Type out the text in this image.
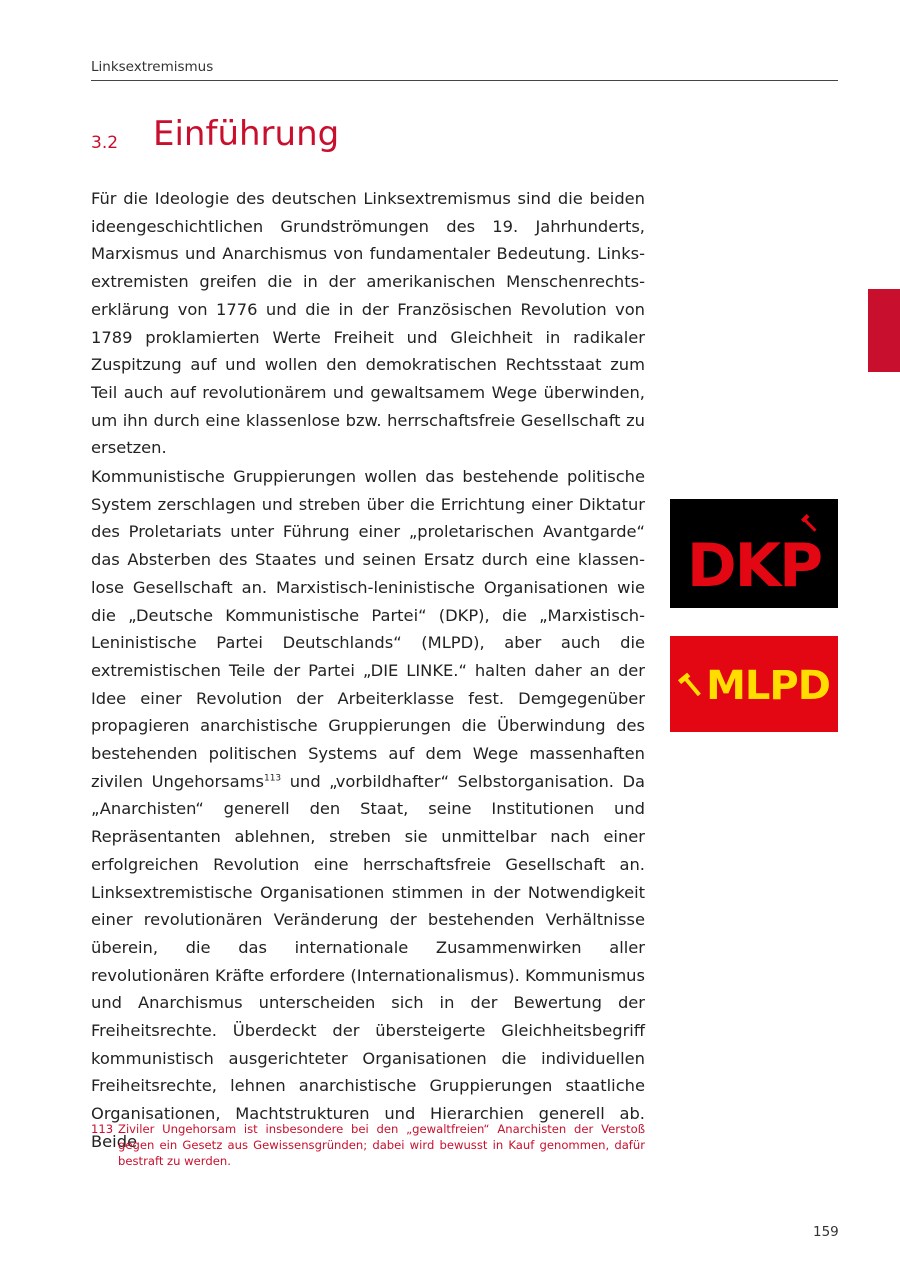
Linksextremismus
3.2 Einführung

Für die Ideologie des deutschen Linksextremismus sind die beiden ideengeschichtlichen Grundströmungen des 19. Jahrhunderts, Marxismus und Anarchismus von fundamentaler Bedeutung. Linksextremisten greifen die in der amerikanischen Menschenrechtserklärung von 1776 und die in der Französischen Revolution von 1789 proklamierten Werte Freiheit und Gleichheit in radikaler Zuspitzung auf und wollen den demokratischen Rechtsstaat zum Teil auch auf revolutionärem und gewaltsamem Wege überwinden, um ihn durch eine klassenlose bzw. herrschaftsfreie Gesellschaft zu ersetzen.

Kommunistische Gruppierungen wollen das bestehende politische System zerschlagen und streben über die Errichtung einer Diktatur des Proletariats unter Führung einer „proletarischen Avantgarde“ das Absterben des Staates und seinen Ersatz durch eine klassenlose Gesellschaft an. Marxistisch-leninistische Organisationen wie die „Deutsche Kommunistische Partei“ (DKP), die „Marxistisch-Leninistische Partei Deutschlands“ (MLPD), aber auch die extremistischen Teile der Partei „DIE LINKE.“ halten daher an der Idee einer Revolution der Arbeiterklasse fest. Demgegenüber propagieren anarchistische Gruppierungen die Überwindung des bestehenden politischen Systems auf dem Wege massenhaften zivilen Ungehorsams$^{113}$ und „vorbildhafter“ Selbstorganisation. Da „Anarchisten“ generell den Staat, seine Institutionen und Repräsentanten ablehnen, streben sie unmittelbar nach einer erfolgreichen Revolution eine herrschaftsfreie Gesellschaft an. Linksextremistische Organisationen stimmen in der Notwendigkeit einer revolutionären Veränderung der bestehenden Verhältnisse überein, die das internationale Zusammenwirken aller revolutionären Kräfte erfordere (Internationalismus). Kommunismus und Anarchismus unterscheiden sich in der Bewertung der Freiheitsrechte. Überdeckt der übersteigerte Gleichheitsbegriff kommunistisch ausgerichteter Organisationen die individuellen Freiheitsrechte, lehnen anarchistische Gruppierungen staatliche Organisationen, Machtstrukturen und Hierarchien generell ab. Beide

113 Ziviler Ungehorsam ist insbesondere bei den „gewaltfreien“ Anarchisten der Verstoß gegen ein Gesetz aus Gewissensgründen; dabei wird bewusst in Kauf genommen, dafür bestraft zu werden.
159
DKP
MLPD
